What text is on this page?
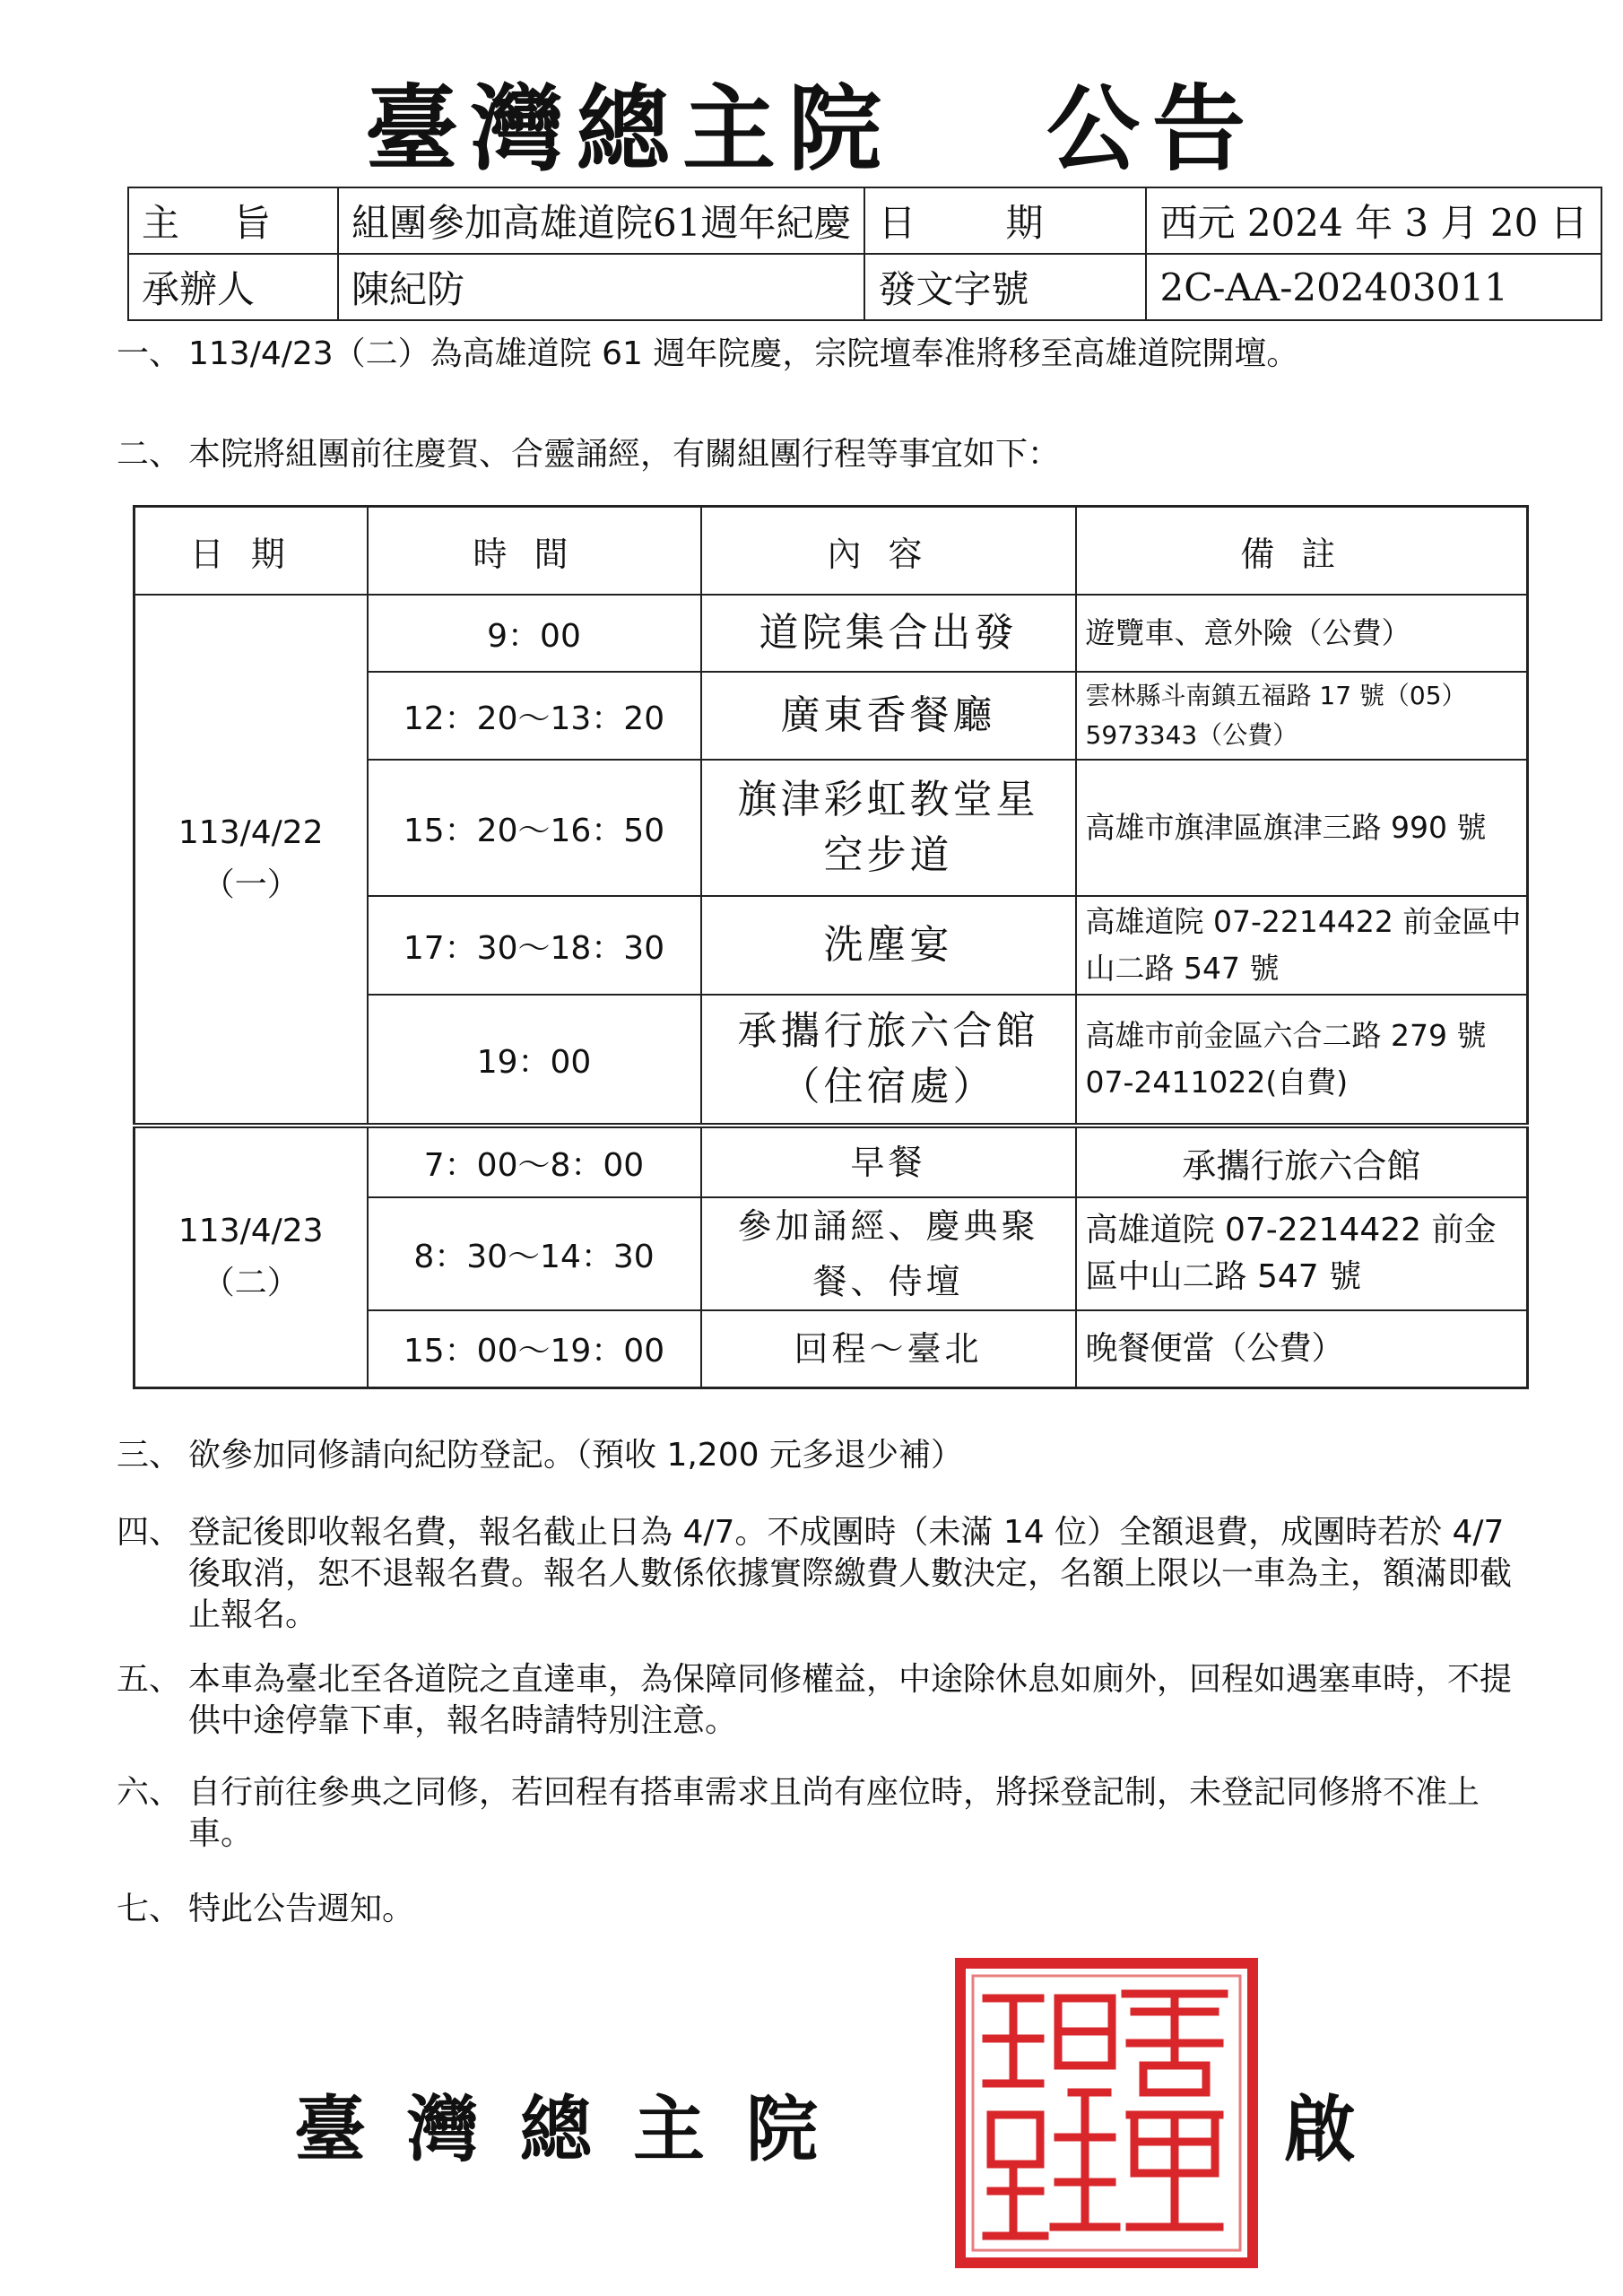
臺灣總主院 公告
主旨	組團參加高雄道院61週年紀慶	日期	西元 2024 年 3 月 20 日
承辦人	陳紀防	發文字號	2C-AA-202403011
一、 113/4/23（二）為高雄道院 61 週年院慶，宗院壇奉准將移至高雄道院開壇。
二、 本院將組團前往慶賀、合靈誦經，有關組團行程等事宜如下：
日期	時間	內容	備註

113/4/22
（一）	9：00	道院集合出發	遊覽車、意外險（公費）
	12：20～13：20	廣東香餐廳	雲林縣斗南鎮五福路 17 號（05）5973343（公費）
	15：20～16：50	旗津彩虹教堂星空步道	高雄市旗津區旗津三路 990 號
	17：30～18：30	洗塵宴	高雄道院 07-2214422 前金區中山二路 547 號
	19：00	承攜行旅六合館（住宿處）	高雄市前金區六合二路 279 號 07-2411022(自費)

113/4/23
（二）	7：00～8：00	早餐	承攜行旅六合館
	8：30～14：30	參加誦經、慶典聚餐、侍壇	高雄道院 07-2214422 前金區中山二路 547 號
	15：00～19：00	回程～臺北	晚餐便當（公費）
三、 欲參加同修請向紀防登記。（預收 1,200 元多退少補）
四、 登記後即收報名費，報名截止日為 4/7。不成團時（未滿 14 位）全額退費，成團時若於 4/7 後取消，恕不退報名費。報名人數係依據實際繳費人數決定，名額上限以一車為主，額滿即截止報名。
五、 本車為臺北至各道院之直達車，為保障同修權益，中途除休息如廁外，回程如遇塞車時，不提供中途停靠下車，報名時請特別注意。
六、 自行前往參典之同修，若回程有搭車需求且尚有座位時，將採登記制，未登記同修將不准上車。
七、 特此公告週知。
臺灣總主院	啟
